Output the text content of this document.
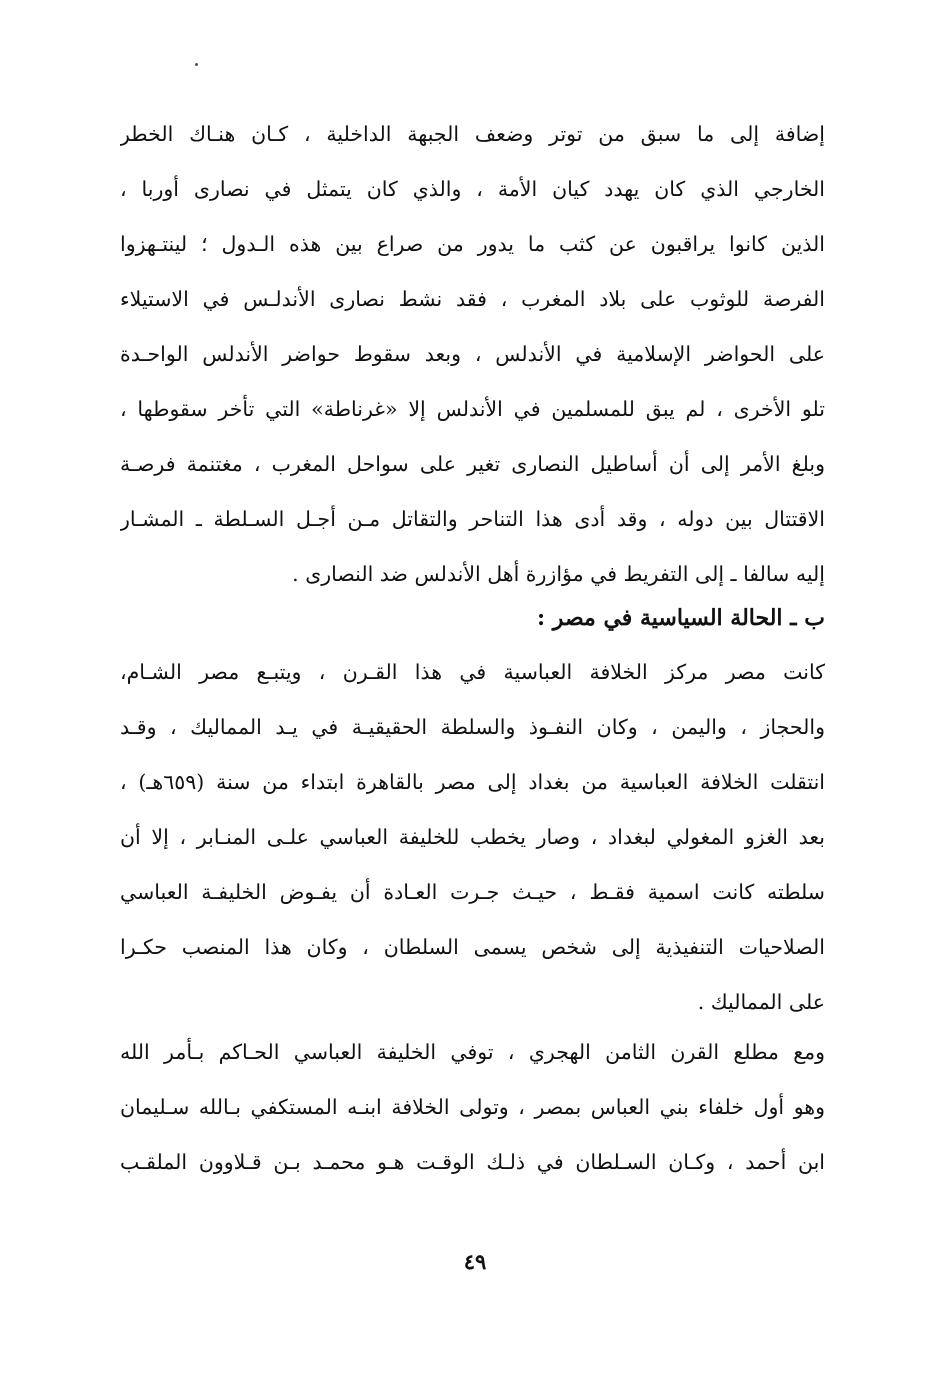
إضافة إلى ما سبق من توتر وضعف الجبهة الداخلية ، كـان هنـاك الخطر
الخارجي الذي كان يهدد كيان الأمة ، والذي كان يتمثل في نصارى أوربا ،
الذين كانوا يراقبون عن كثب ما يدور من صراع بين هذه الـدول ؛ لينتـهزوا
الفرصة للوثوب على بلاد المغرب ، فقد نشط نصارى الأندلـس في الاستيلاء
على الحواضر الإسلامية في الأندلس ، وبعد سقوط حواضر الأندلس الواحـدة
تلو الأخرى ، لم يبق للمسلمين في الأندلس إلا «غرناطة» التي تأخر سقوطها ،
وبلغ الأمر إلى أن أساطيل النصارى تغير على سواحل المغرب ، مغتنمة فرصـة
الاقتتال بين دوله ، وقد أدى هذا التناحر والتقاتل مـن أجـل السـلطة ـ المشـار
إليه سالفا ـ إلى التفريط في مؤازرة أهل الأندلس ضد النصارى .
ب ـ الحالة السياسية في مصر :
كانت مصر مركز الخلافة العباسية في هذا القـرن ، ويتبـع مصر الشـام،
والحجاز ، واليمن ، وكان النفـوذ والسلطة الحقيقيـة في يـد المماليك ، وقـد
انتقلت الخلافة العباسية من بغداد إلى مصر بالقاهرة ابتداء من سنة (٦٥٩هـ) ،
بعد الغزو المغولي لبغداد ، وصار يخطب للخليفة العباسي علـى المنـابر ، إلا أن
سلطته كانت اسمية فقـط ، حيـث جـرت العـادة أن يفـوض الخليفـة العباسي
الصلاحيات التنفيذية إلى شخص يسمى السلطان ، وكان هذا المنصب حكـرا
على المماليك .
ومع مطلع القرن الثامن الهجري ، توفي الخليفة العباسي الحـاكم بـأمر الله
وهو أول خلفاء بني العباس بمصر ، وتولى الخلافة ابنـه المستكفي بـالله سـليمان
ابن أحمد ، وكـان السـلطان في ذلـك الوقـت هـو محمـد بـن قـلاوون الملقـب
٤٩
